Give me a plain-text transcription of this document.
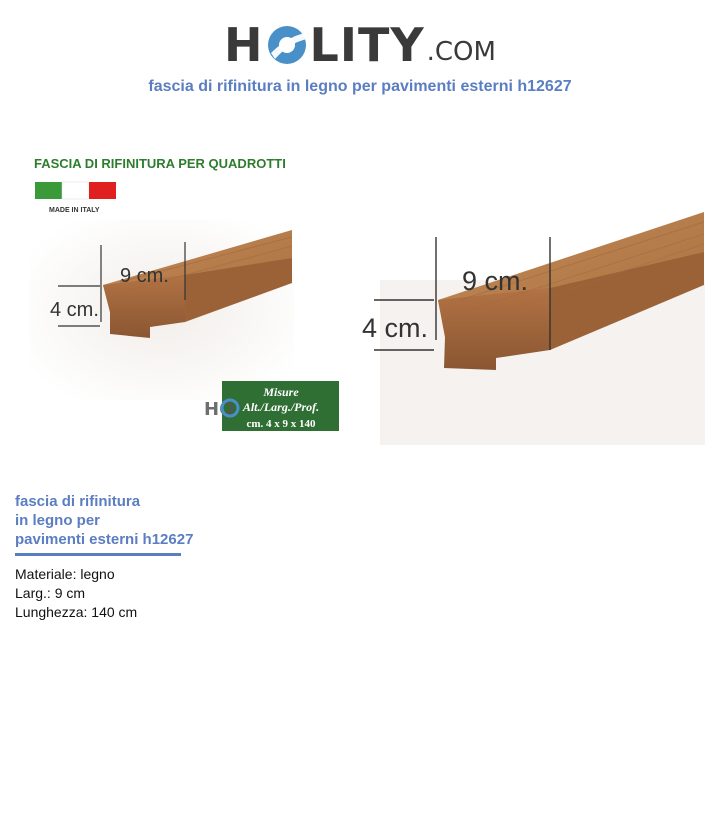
H LITY .COM
fascia di rifinitura in legno per pavimenti esterni h12627
FASCIA DI RIFINITURA PER QUADROTTI
MADE IN ITALY
9 cm.
4 cm.
Misure
Alt./Larg./Prof.
cm. 4 x 9 x 140
HO
9 cm.
4 cm.
fascia di rifinitura
in legno per
pavimenti esterni h12627
Materiale: legno
Larg.: 9 cm
Lunghezza: 140 cm
